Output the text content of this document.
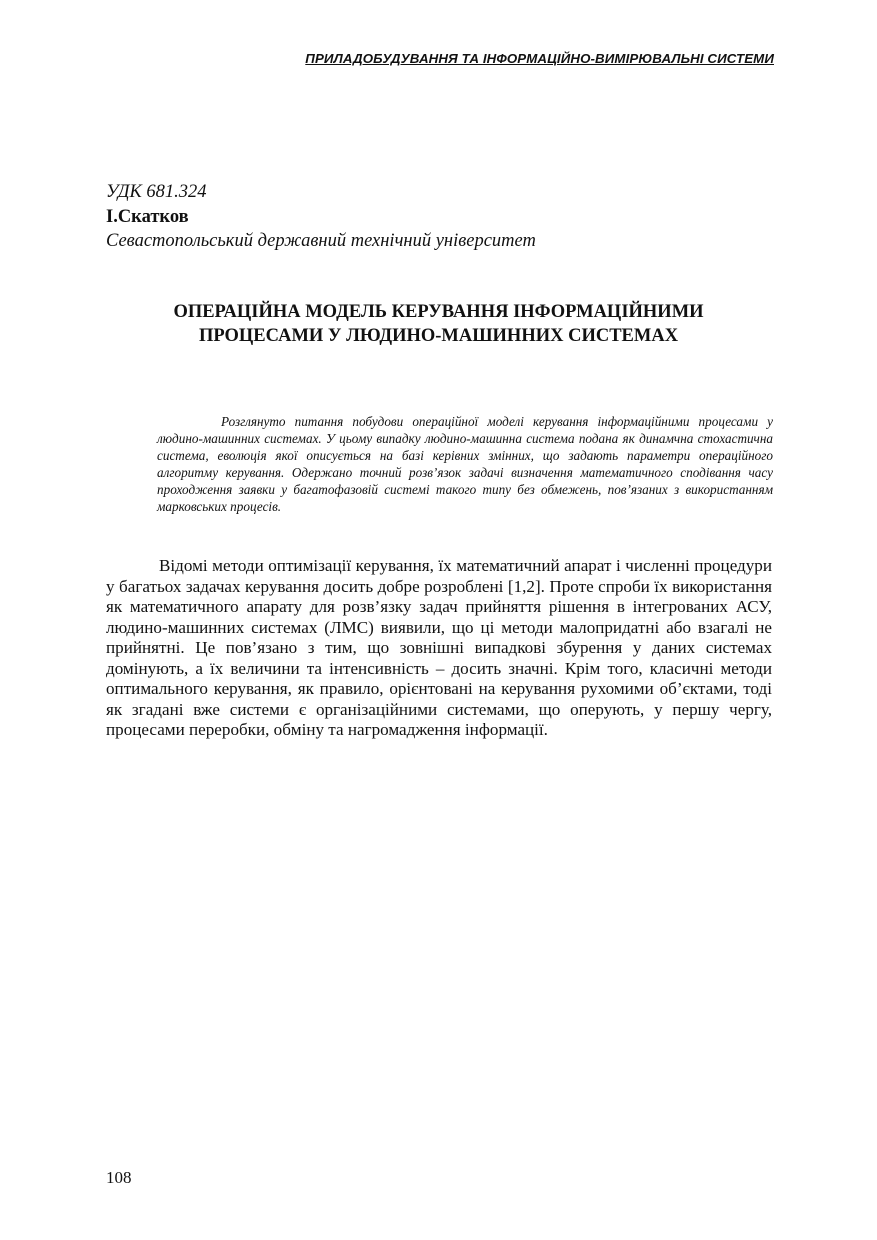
ПРИЛАДОБУДУВАННЯ ТА ІНФОРМАЦІЙНО-ВИМІРЮВАЛЬНІ СИСТЕМИ
УДК 681.324
І.Скатков
Севастопольський державний технічний університет
ОПЕРАЦІЙНА МОДЕЛЬ КЕРУВАННЯ ІНФОРМАЦІЙНИМИ
ПРОЦЕСАМИ У ЛЮДИНО-МАШИННИХ СИСТЕМАХ

Розглянуто питання побудови операційної моделі керування інформаційними процесами у людино-машинних системах. У цьому випадку людино-машинна система подана як динамчна стохастична система, еволюція якої описується на базі керівних змінних, що задають параметри операційного алгоритму керування. Одержано точний розв’язок задачі визначення математичного сподівання часу проходження заявки у багатофазовій системі такого типу без обмежень, пов’язаних з використанням марковських процесів.

Відомі методи оптимізації керування, їх математичний апарат і численні процедури у багатьох задачах керування досить добре розроблені [1,2]. Проте спроби їх використання як математичного апарату для розв’язку задач прийняття рішення в інтегрованих АСУ, людино-машинних системах (ЛМС) виявили, що ці методи малопридатні або взагалі не прийнятні. Це пов’язано з тим, що зовнішні випадкові збурення у даних системах домінують, а їх величини та інтенсивність – досить значні. Крім того, класичні методи оптимального керування, як правило, орієнтовані на керування рухомими об’єктами, тоді як згадані вже системи є організаційними системами, що оперують, у першу чергу, процесами переробки, обміну та нагромадження інформації.

108
